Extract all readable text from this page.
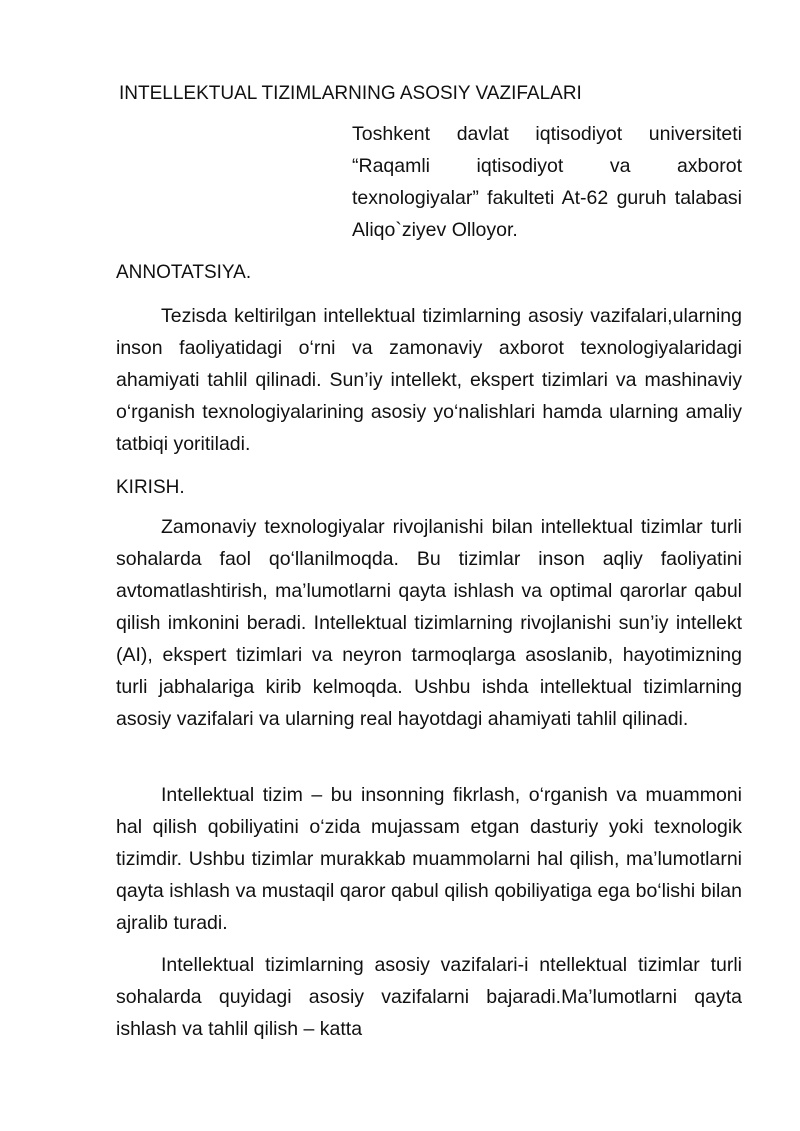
INTELLEKTUAL TIZIMLARNING ASOSIY VAZIFALARI

Toshkent davlat iqtisodiyot universiteti “Raqamli iqtisodiyot va axborot texnologiyalar” fakulteti At-62 guruh talabasi Aliqo`ziyev Olloyor.

ANNOTATSIYA.

Tezisda keltirilgan intellektual tizimlarning asosiy vazifalari,ularning inson faoliyatidagi o‘rni va zamonaviy axborot texnologiyalaridagi ahamiyati tahlil qilinadi. Sun’iy intellekt, ekspert tizimlari va mashinaviy o‘rganish texnologiyalarining asosiy yo‘nalishlari hamda ularning amaliy tatbiqi yoritiladi.

KIRISH.

Zamonaviy texnologiyalar rivojlanishi bilan intellektual tizimlar turli sohalarda faol qo‘llanilmoqda. Bu tizimlar inson aqliy faoliyatini avtomatlashtirish, ma’lumotlarni qayta ishlash va optimal qarorlar qabul qilish imkonini beradi. Intellektual tizimlarning rivojlanishi sun’iy intellekt (AI), ekspert tizimlari va neyron tarmoqlarga asoslanib, hayotimizning turli jabhalariga kirib kelmoqda. Ushbu ishda intellektual tizimlarning asosiy vazifalari va ularning real hayotdagi ahamiyati tahlil qilinadi.

Intellektual tizim – bu insonning fikrlash, o‘rganish va muammoni hal qilish qobiliyatini o‘zida mujassam etgan dasturiy yoki texnologik tizimdir. Ushbu tizimlar murakkab muammolarni hal qilish, ma’lumotlarni qayta ishlash va mustaqil qaror qabul qilish qobiliyatiga ega bo‘lishi bilan ajralib turadi.

Intellektual tizimlarning asosiy vazifalari-i ntellektual tizimlar turli sohalarda quyidagi asosiy vazifalarni bajaradi.Ma’lumotlarni qayta ishlash va tahlil qilish – katta
